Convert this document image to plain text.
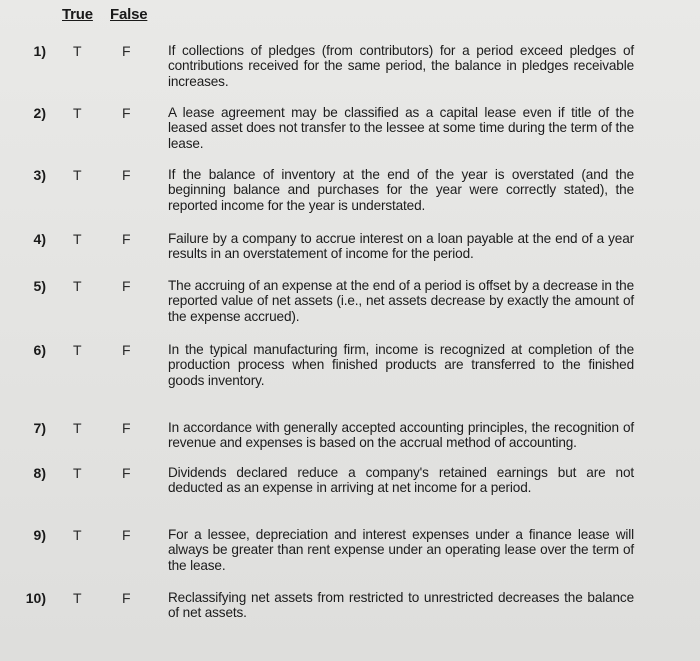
True False
1) T	F	If collections of pledges (from contributors) for a period exceed pledges of contributions received for the same period, the balance in pledges receivable increases.
2) T	F	A lease agreement may be classified as a capital lease even if title of the leased asset does not transfer to the lessee at some time during the term of the lease.
3) T	F	If the balance of inventory at the end of the year is overstated (and the beginning balance and purchases for the year were correctly stated), the reported income for the year is understated.
4) T	F	Failure by a company to accrue interest on a loan payable at the end of a year results in an overstatement of income for the period.
5) T	F	The accruing of an expense at the end of a period is offset by a decrease in the reported value of net assets (i.e., net assets decrease by exactly the amount of the expense accrued).
6) T	F	In the typical manufacturing firm, income is recognized at completion of the production process when finished products are transferred to the finished goods inventory.
7) T	F	In accordance with generally accepted accounting principles, the recognition of revenue and expenses is based on the accrual method of accounting.
8) T	F	Dividends declared reduce a company's retained earnings but are not deducted as an expense in arriving at net income for a period.
9) T	F	For a lessee, depreciation and interest expenses under a finance lease will always be greater than rent expense under an operating lease over the term of the lease.
10) T	F	Reclassifying net assets from restricted to unrestricted decreases the balance of net assets.
